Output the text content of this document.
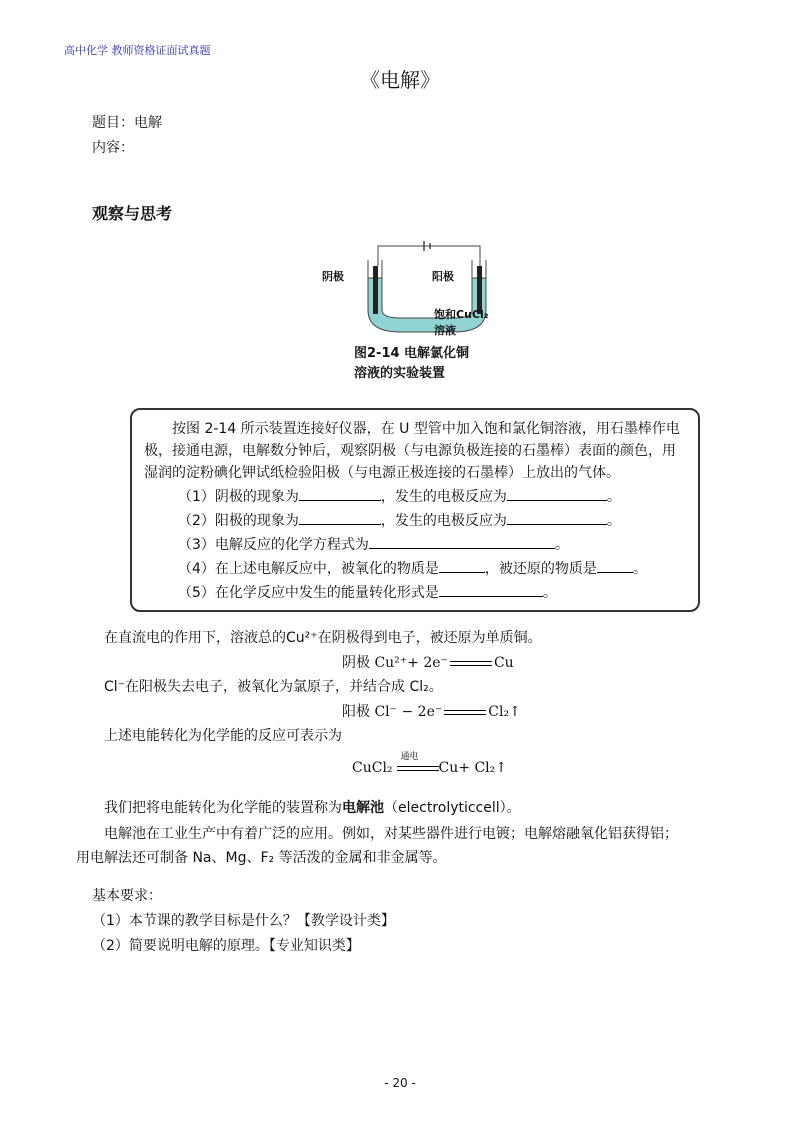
高中化学 教师资格证面试真题
《电解》
题目：电解
内容：
观察与思考
阴极	阳极
饱和CuCl₂
溶液
图2-14 电解氯化铜
溶液的实验装置
按图 2-14 所示装置连接好仪器，在 U 型管中加入饱和氯化铜溶液，用石墨棒作电极，接通电源，电解数分钟后，观察阴极（与电源负极连接的石墨棒）表面的颜色，用湿润的淀粉碘化钾试纸检验阳极（与电源正极连接的石墨棒）上放出的气体。
（1）阴极的现象为	，发生的电极反应为	。
（2）阳极的现象为	，发生的电极反应为	。
（3）电解反应的化学方程式为	。
（4）在上述电解反应中，被氧化的物质是	，被还原的物质是	。
（5）在化学反应中发生的能量转化形式是	。
在直流电的作用下，溶液总的Cu²⁺在阴极得到电子，被还原为单质铜。
阴极 Cu²⁺+ 2e⁻	Cu
Cl⁻在阳极失去电子，被氧化为氯原子，并结合成 Cl₂。
阳极 Cl⁻ − 2e⁻	Cl₂↑
上述电能转化为化学能的反应可表示为
CuCl₂
通电
Cu+ Cl₂↑
我们把将电能转化为化学能的装置称为电解池（electrolyticcell）。
电解池在工业生产中有着广泛的应用。例如，对某些器件进行电镀；电解熔融氧化铝获得铝；
用电解法还可制备 Na、Mg、F₂ 等活泼的金属和非金属等。
基本要求：
（1）本节课的教学目标是什么？【教学设计类】
（2）简要说明电解的原理。【专业知识类】
- 20 -
